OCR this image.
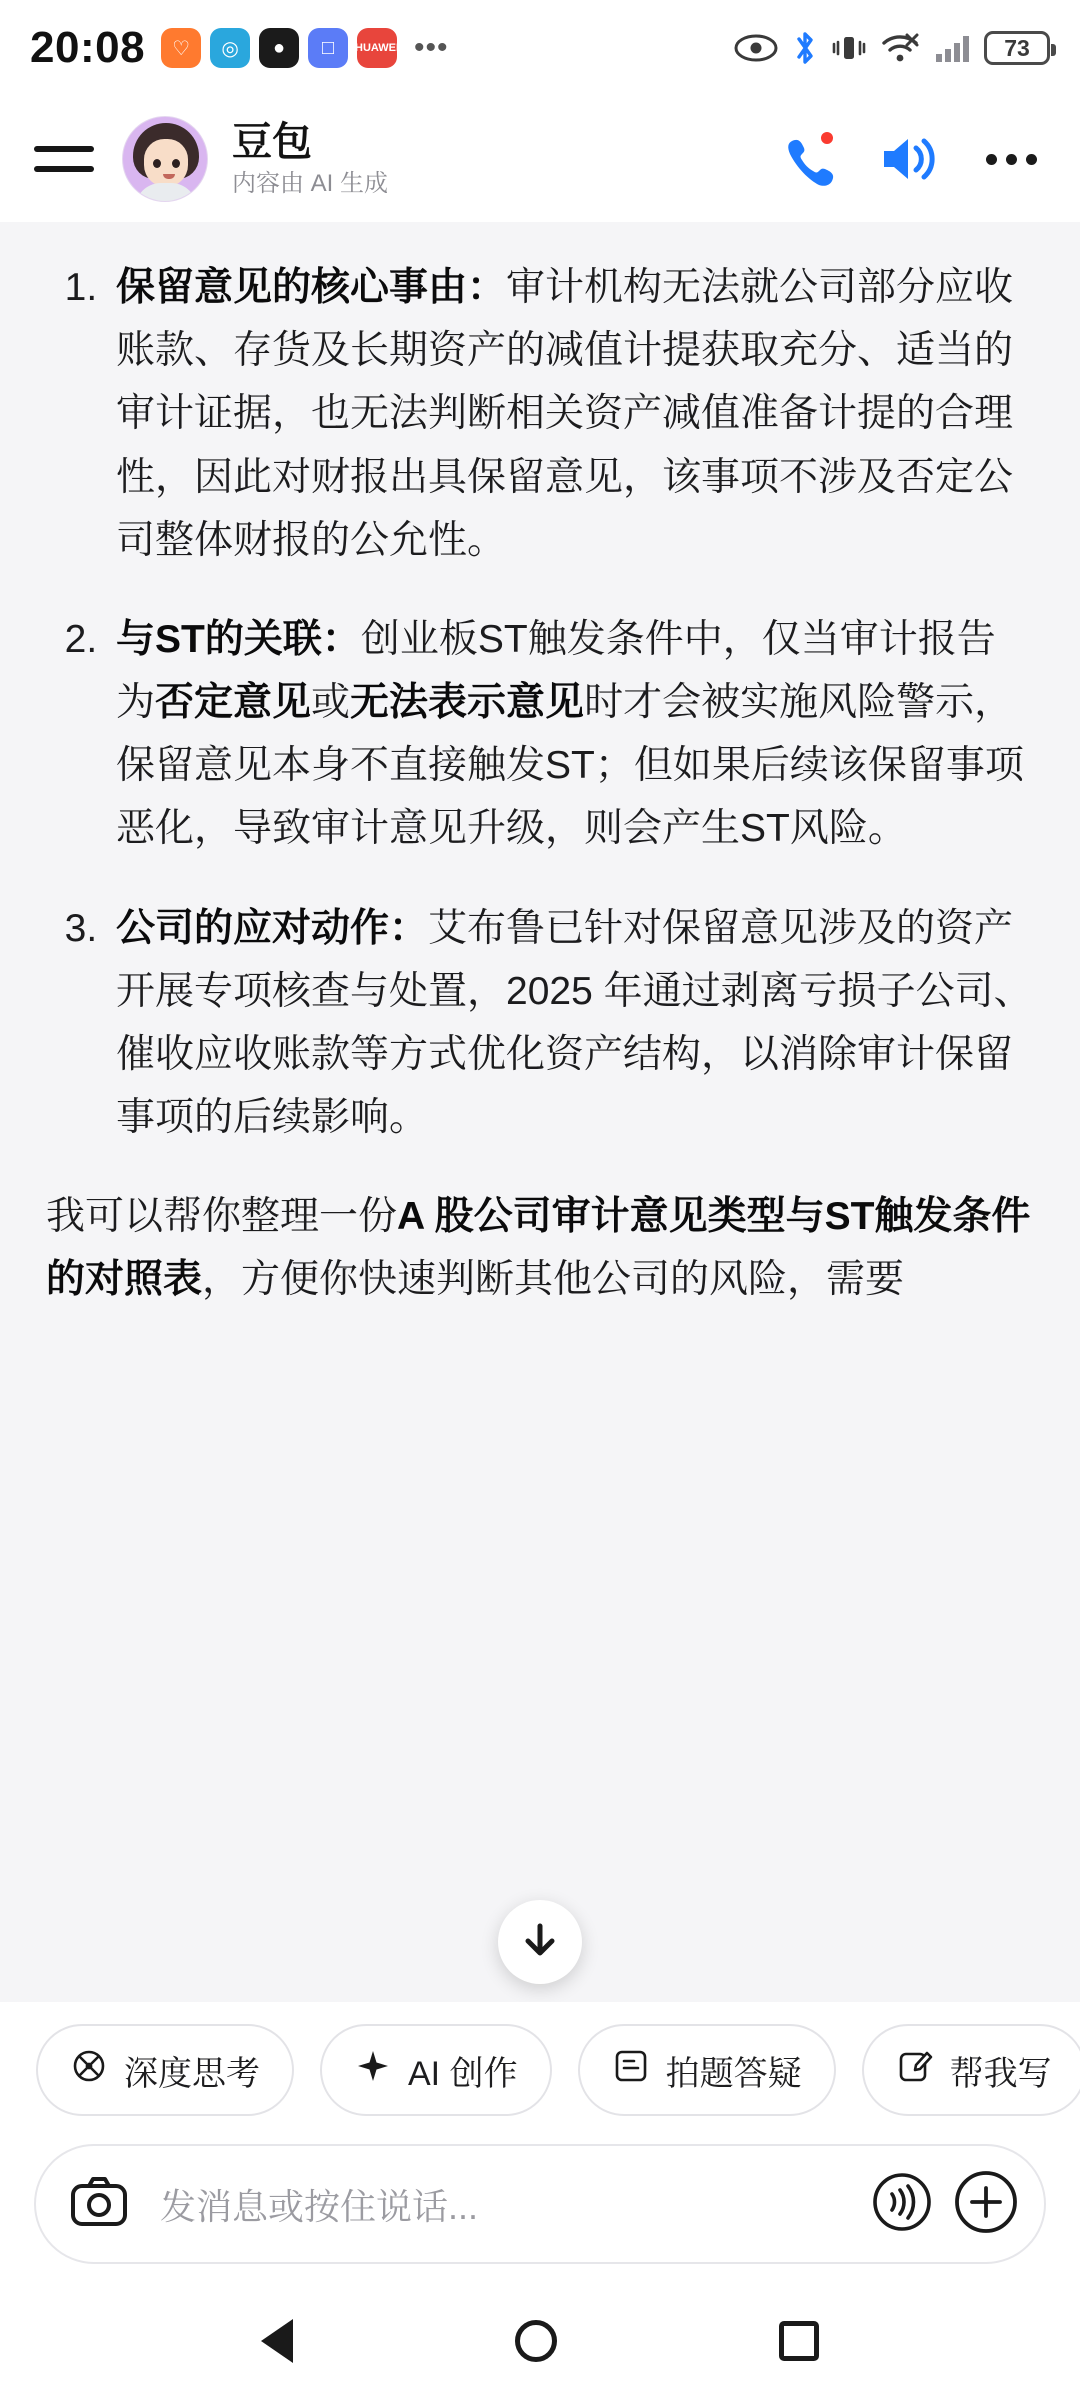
20:08	♡	◎	●	□	HUAWEI •••	73
豆包
内容由 AI 生成
1. 保留意见的核心事由：审计机构无法就公司部分应收账款、存货及长期资产的减值计提获取充分、适当的审计证据，也无法判断相关资产减值准备计提的合理性，因此对财报出具保留意见，该事项不涉及否定公司整体财报的公允性。
2. 与ST的关联：创业板ST触发条件中，仅当审计报告为否定意见或无法表示意见时才会被实施风险警示，保留意见本身不直接触发ST；但如果后续该保留事项恶化，导致审计意见升级，则会产生ST风险。
3. 公司的应对动作：艾布鲁已针对保留意见涉及的资产开展专项核查与处置，2025 年通过剥离亏损子公司、催收应收账款等方式优化资产结构，以消除审计保留事项的后续影响。
我可以帮你整理一份A 股公司审计意见类型与ST触发条件的对照表，方便你快速判断其他公司的风险，需要
深度思考	AI 创作	拍题答疑	帮我写
发消息或按住说话...
